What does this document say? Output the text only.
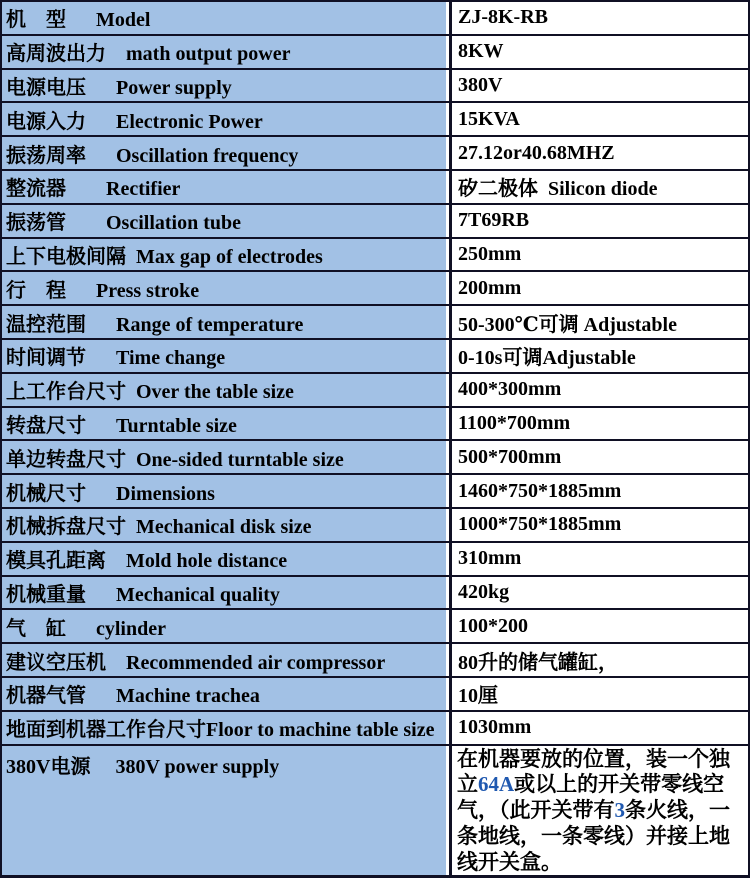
机　型      Model	ZJ-8K-RB
高周波出力    math output power	8KW
电源电压      Power supply	380V
电源入力      Electronic Power	15KVA
振荡周率      Oscillation frequency	27.12or40.68MHZ
整流器        Rectifier	矽二极体  Silicon diode
振荡管        Oscillation tube	7T69RB
上下电极间隔  Max gap of electrodes	250mm
行　程      Press stroke	200mm
温控范围      Range of temperature	50-300℃可调 Adjustable
时间调节      Time change	0-10s可调Adjustable
上工作台尺寸  Over the table size	400*300mm
转盘尺寸      Turntable size	1100*700mm
单边转盘尺寸  One-sided turntable size	500*700mm
机械尺寸      Dimensions	1460*750*1885mm
机械拆盘尺寸  Mechanical disk size	1000*750*1885mm
模具孔距离    Mold hole distance	310mm
机械重量      Mechanical quality	420kg
气　缸      cylinder	100*200
建议空压机    Recommended air compressor	80升的储气罐缸，
机器气管      Machine trachea	10厘
地面到机器工作台尺寸Floor to machine table size	1030mm
380V电源     380V power supply	在机器要放的位置，装一个独立64A或以上的开关带零线空气，（此开关带有3条火线，一条地线，一条零线）并接上地线开关盒。
